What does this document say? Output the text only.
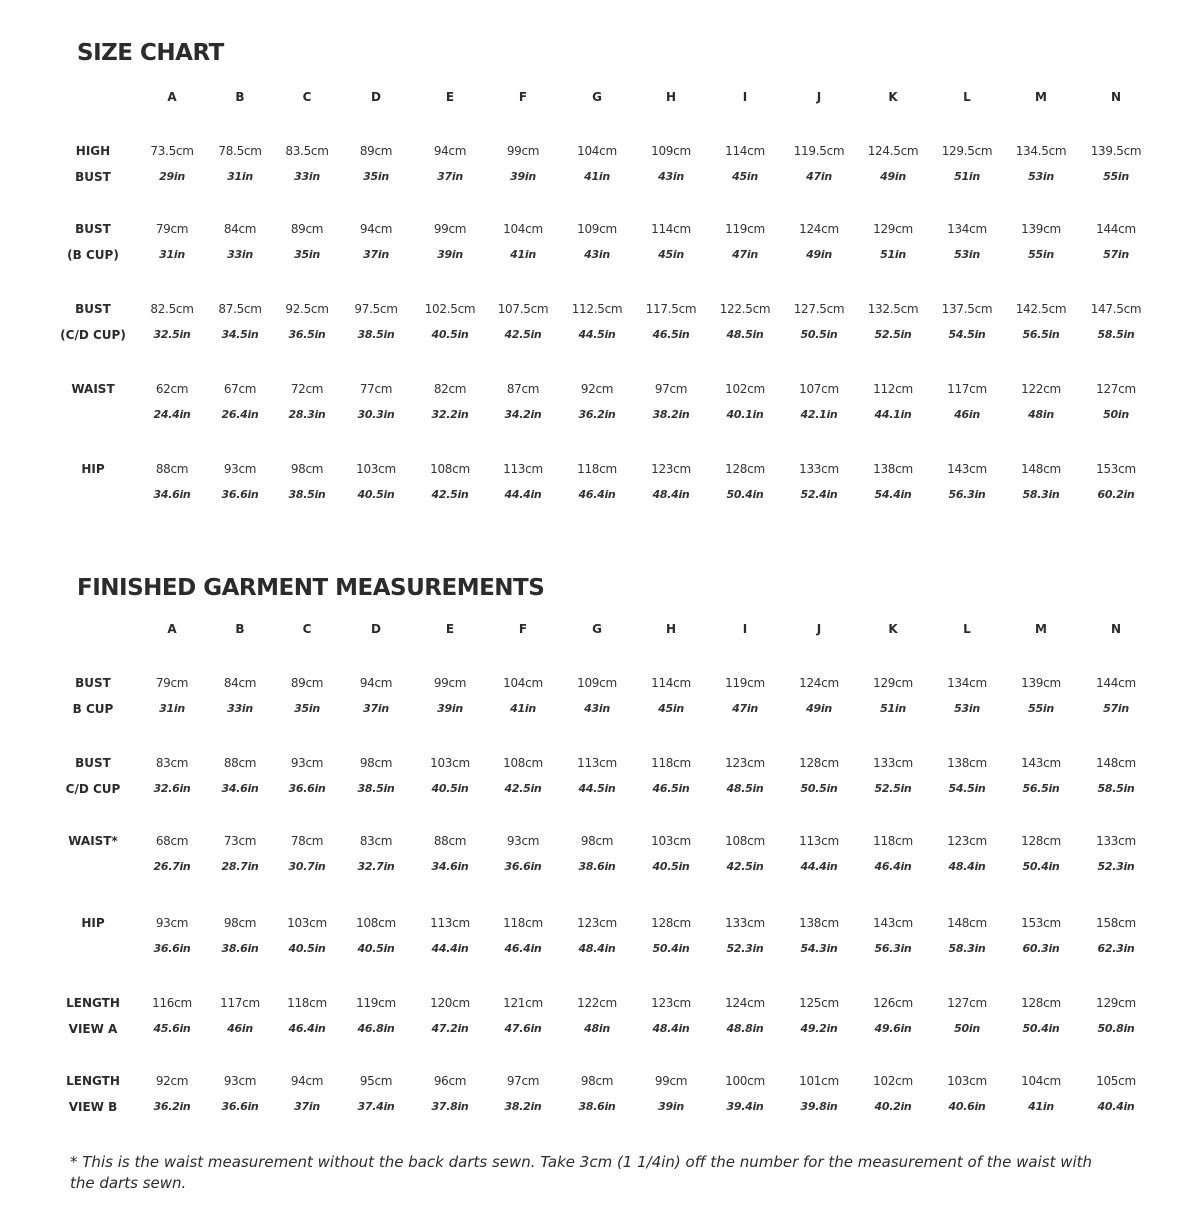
SIZE CHART
A	B	C	D	E	F	G	H	I	J	K	L	M	N
HIGH
BUST
73.5cm	78.5cm	83.5cm	89cm	94cm	99cm	104cm	109cm	114cm	119.5cm	124.5cm	129.5cm	134.5cm	139.5cm
29in	31in	33in	35in	37in	39in	41in	43in	45in	47in	49in	51in	53in	55in
BUST
(B CUP)
79cm	84cm	89cm	94cm	99cm	104cm	109cm	114cm	119cm	124cm	129cm	134cm	139cm	144cm
31in	33in	35in	37in	39in	41in	43in	45in	47in	49in	51in	53in	55in	57in
BUST
(C/D CUP)
82.5cm	87.5cm	92.5cm	97.5cm	102.5cm	107.5cm	112.5cm	117.5cm	122.5cm	127.5cm	132.5cm	137.5cm	142.5cm	147.5cm
32.5in	34.5in	36.5in	38.5in	40.5in	42.5in	44.5in	46.5in	48.5in	50.5in	52.5in	54.5in	56.5in	58.5in
WAIST	62cm	67cm	72cm	77cm	82cm	87cm	92cm	97cm	102cm	107cm	112cm	117cm	122cm	127cm
24.4in	26.4in	28.3in	30.3in	32.2in	34.2in	36.2in	38.2in	40.1in	42.1in	44.1in	46in	48in	50in
HIP	88cm	93cm	98cm	103cm	108cm	113cm	118cm	123cm	128cm	133cm	138cm	143cm	148cm	153cm
34.6in	36.6in	38.5in	40.5in	42.5in	44.4in	46.4in	48.4in	50.4in	52.4in	54.4in	56.3in	58.3in	60.2in
FINISHED GARMENT MEASUREMENTS
A	B	C	D	E	F	G	H	I	J	K	L	M	N
BUST
B CUP
79cm	84cm	89cm	94cm	99cm	104cm	109cm	114cm	119cm	124cm	129cm	134cm	139cm	144cm
31in	33in	35in	37in	39in	41in	43in	45in	47in	49in	51in	53in	55in	57in
BUST
C/D CUP
83cm	88cm	93cm	98cm	103cm	108cm	113cm	118cm	123cm	128cm	133cm	138cm	143cm	148cm
32.6in	34.6in	36.6in	38.5in	40.5in	42.5in	44.5in	46.5in	48.5in	50.5in	52.5in	54.5in	56.5in	58.5in
WAIST*	68cm	73cm	78cm	83cm	88cm	93cm	98cm	103cm	108cm	113cm	118cm	123cm	128cm	133cm
26.7in	28.7in	30.7in	32.7in	34.6in	36.6in	38.6in	40.5in	42.5in	44.4in	46.4in	48.4in	50.4in	52.3in
HIP	93cm	98cm	103cm	108cm	113cm	118cm	123cm	128cm	133cm	138cm	143cm	148cm	153cm	158cm
36.6in	38.6in	40.5in	40.5in	44.4in	46.4in	48.4in	50.4in	52.3in	54.3in	56.3in	58.3in	60.3in	62.3in
LENGTH
VIEW A
116cm	117cm	118cm	119cm	120cm	121cm	122cm	123cm	124cm	125cm	126cm	127cm	128cm	129cm
45.6in	46in	46.4in	46.8in	47.2in	47.6in	48in	48.4in	48.8in	49.2in	49.6in	50in	50.4in	50.8in
LENGTH
VIEW B
92cm	93cm	94cm	95cm	96cm	97cm	98cm	99cm	100cm	101cm	102cm	103cm	104cm	105cm
36.2in	36.6in	37in	37.4in	37.8in	38.2in	38.6in	39in	39.4in	39.8in	40.2in	40.6in	41in	40.4in
* This is the waist measurement without the back darts sewn. Take 3cm (1 1/4in) off the number for the measurement of the waist with the darts sewn.
